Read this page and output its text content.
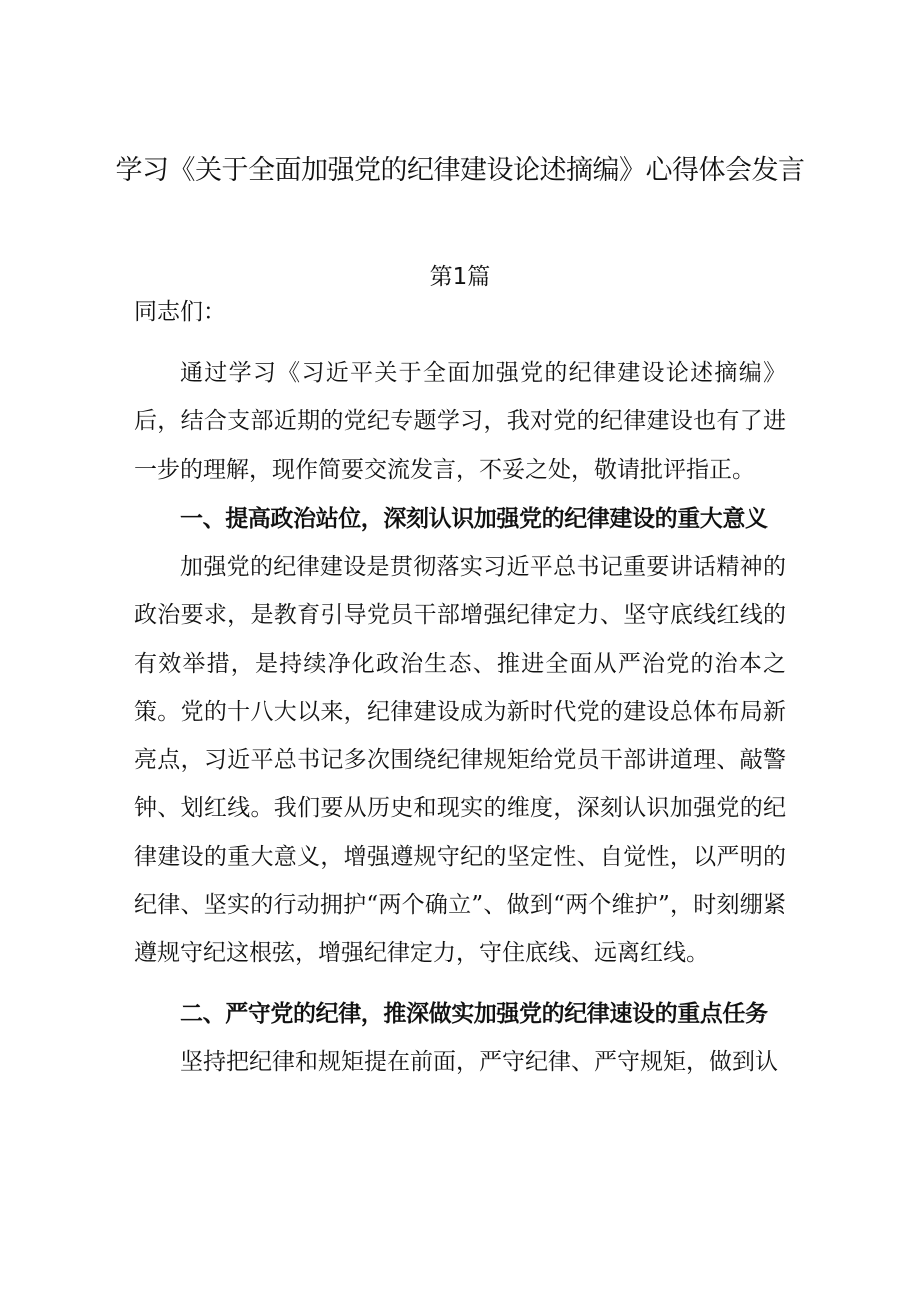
学习《关于全面加强党的纪律建设论述摘编》心得体会发言
第1篇

同志们：

通过学习《习近平关于全面加强党的纪律建设论述摘编》后，结合支部近期的党纪专题学习，我对党的纪律建设也有了进一步的理解，现作简要交流发言，不妥之处，敬请批评指正。

一、提高政治站位，深刻认识加强党的纪律建设的重大意义

加强党的纪律建设是贯彻落实习近平总书记重要讲话精神的政治要求，是教育引导党员干部增强纪律定力、坚守底线红线的有效举措，是持续净化政治生态、推进全面从严治党的治本之策。党的十八大以来，纪律建设成为新时代党的建设总体布局新亮点，习近平总书记多次围绕纪律规矩给党员干部讲道理、敲警钟、划红线。我们要从历史和现实的维度，深刻认识加强党的纪律建设的重大意义，增强遵规守纪的坚定性、自觉性，以严明的纪律、坚实的行动拥护“两个确立”、做到“两个维护”，时刻绷紧遵规守纪这根弦，增强纪律定力，守住底线、远离红线。

二、严守党的纪律，推深做实加强党的纪律速设的重点任务

坚持把纪律和规矩提在前面，严守纪律、严守规矩，做到认
